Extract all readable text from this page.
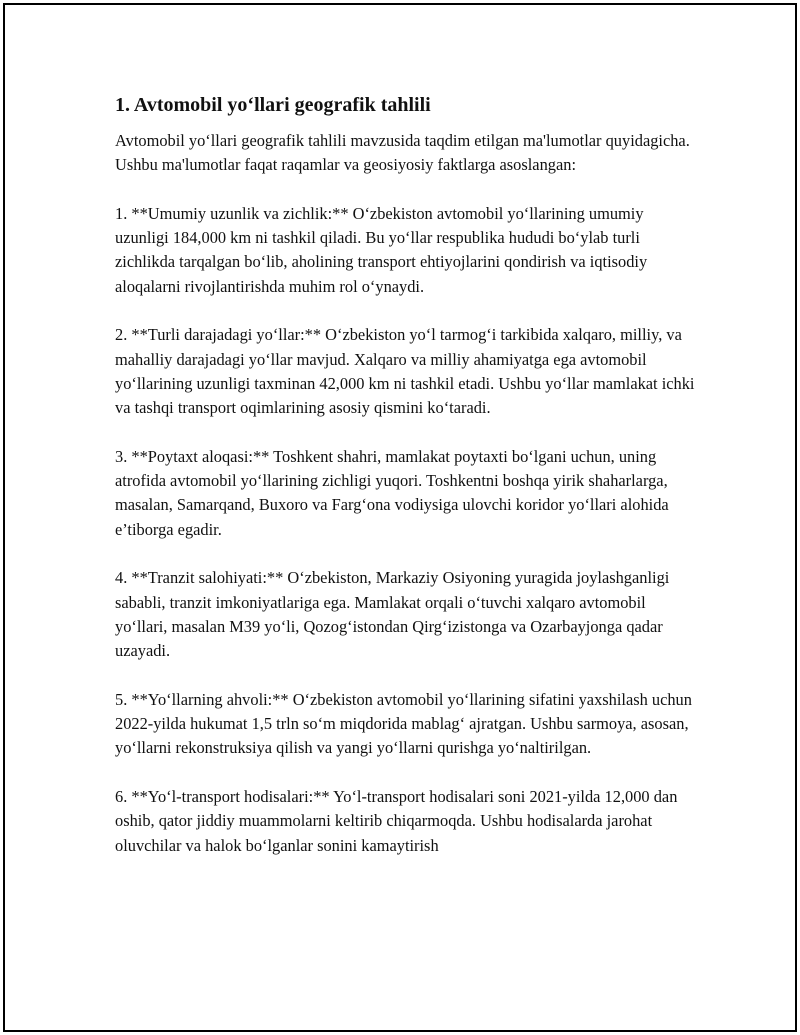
1. Avtomobil yo‘llari geografik tahlili

Avtomobil yo‘llari geografik tahlili mavzusida taqdim etilgan ma'lumotlar quyidagicha. Ushbu ma'lumotlar faqat raqamlar va geosiyosiy faktlarga asoslangan:

1. **Umumiy uzunlik va zichlik:** O‘zbekiston avtomobil yo‘llarining umumiy uzunligi 184,000 km ni tashkil qiladi. Bu yo‘llar respublika hududi bo‘ylab turli zichlikda tarqalgan bo‘lib, aholining transport ehtiyojlarini qondirish va iqtisodiy aloqalarni rivojlantirishda muhim rol o‘ynaydi.

2. **Turli darajadagi yo‘llar:** O‘zbekiston yo‘l tarmog‘i tarkibida xalqaro, milliy, va mahalliy darajadagi yo‘llar mavjud. Xalqaro va milliy ahamiyatga ega avtomobil yo‘llarining uzunligi taxminan 42,000 km ni tashkil etadi. Ushbu yo‘llar mamlakat ichki va tashqi transport oqimlarining asosiy qismini ko‘taradi.

3. **Poytaxt aloqasi:** Toshkent shahri, mamlakat poytaxti bo‘lgani uchun, uning atrofida avtomobil yo‘llarining zichligi yuqori. Toshkentni boshqa yirik shaharlarga, masalan, Samarqand, Buxoro va Farg‘ona vodiysiga ulovchi koridor yo‘llari alohida e’tiborga egadir.

4. **Tranzit salohiyati:** O‘zbekiston, Markaziy Osiyoning yuragida joylashganligi sababli, tranzit imkoniyatlariga ega. Mamlakat orqali o‘tuvchi xalqaro avtomobil yo‘llari, masalan M39 yo‘li, Qozog‘istondan Qirg‘izistonga va Ozarbayjonga qadar uzayadi.

5. **Yo‘llarning ahvoli:** O‘zbekiston avtomobil yo‘llarining sifatini yaxshilash uchun 2022-yilda hukumat 1,5 trln so‘m miqdorida mablag‘ ajratgan. Ushbu sarmoya, asosan, yo‘llarni rekonstruksiya qilish va yangi yo‘llarni qurishga yo‘naltirilgan.

6. **Yo‘l-transport hodisalari:** Yo‘l-transport hodisalari soni 2021-yilda 12,000 dan oshib, qator jiddiy muammolarni keltirib chiqarmoqda. Ushbu hodisalarda jarohat oluvchilar va halok bo‘lganlar sonini kamaytirish
